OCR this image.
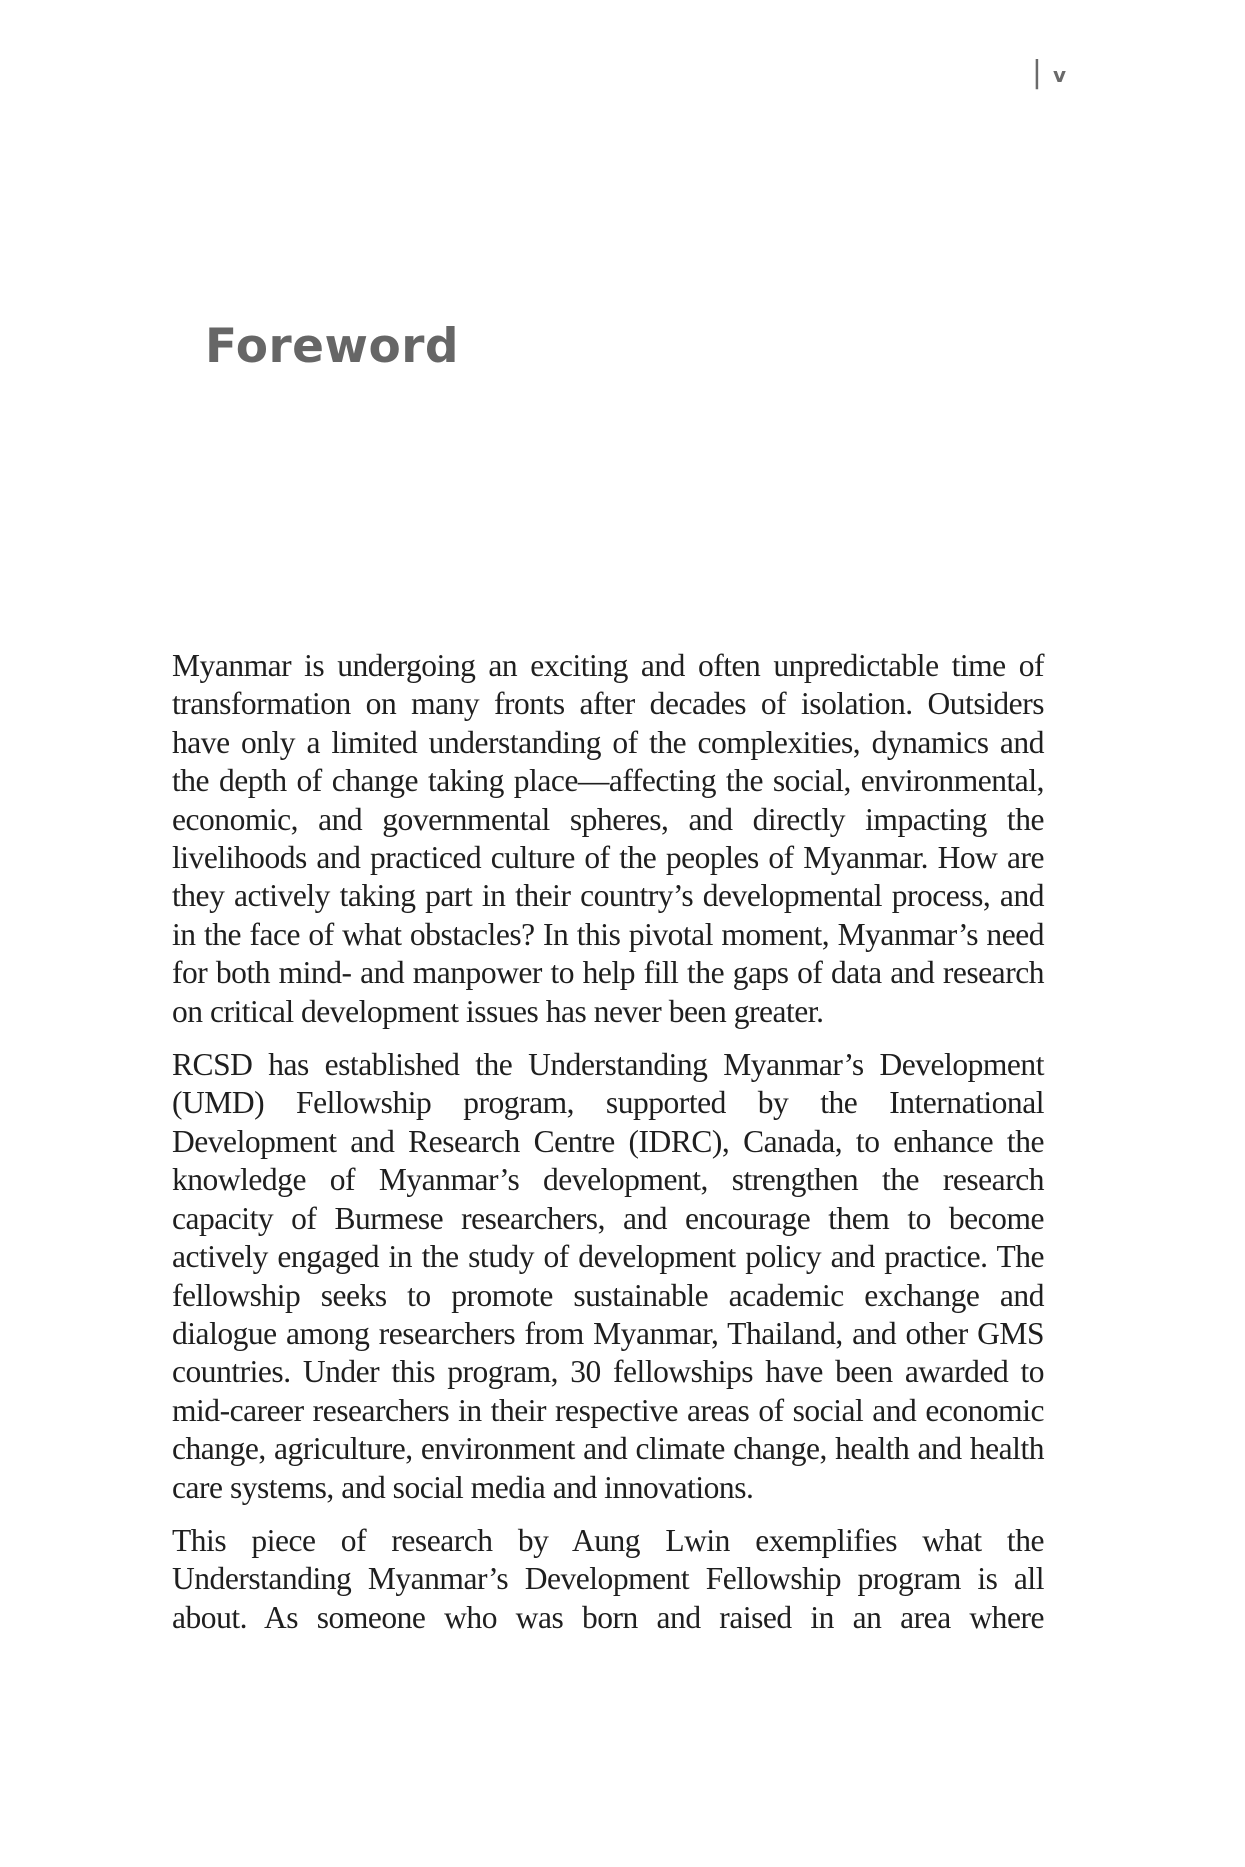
| v
Foreword

Myanmar is undergoing an exciting and often unpredictable time of transformation on many fronts after decades of isolation. Outsiders have only a limited understanding of the complexities, dynamics and the depth of change taking place—affecting the social, environmental, economic, and governmental spheres, and directly impacting the livelihoods and practiced culture of the peoples of Myanmar. How are they actively taking part in their country’s developmental process, and in the face of what obstacles? In this pivotal moment, Myanmar’s need for both mind- and manpower to help fill the gaps of data and research on critical development issues has never been greater.

RCSD has established the Understanding Myanmar’s Development (UMD) Fellowship program, supported by the International Development and Research Centre (IDRC), Canada, to enhance the knowledge of Myanmar’s development, strengthen the research capacity of Burmese researchers, and encourage them to become actively engaged in the study of development policy and practice. The fellowship seeks to promote sustainable academic exchange and dialogue among researchers from Myanmar, Thailand, and other GMS countries. Under this program, 30 fellowships have been awarded to mid-career researchers in their respective areas of social and economic change, agriculture, environment and climate change, health and health care systems, and social media and innovations.

This piece of research by Aung Lwin exemplifies what the Understanding Myanmar’s Development Fellowship program is all about. As someone who was born and raised in an area where
